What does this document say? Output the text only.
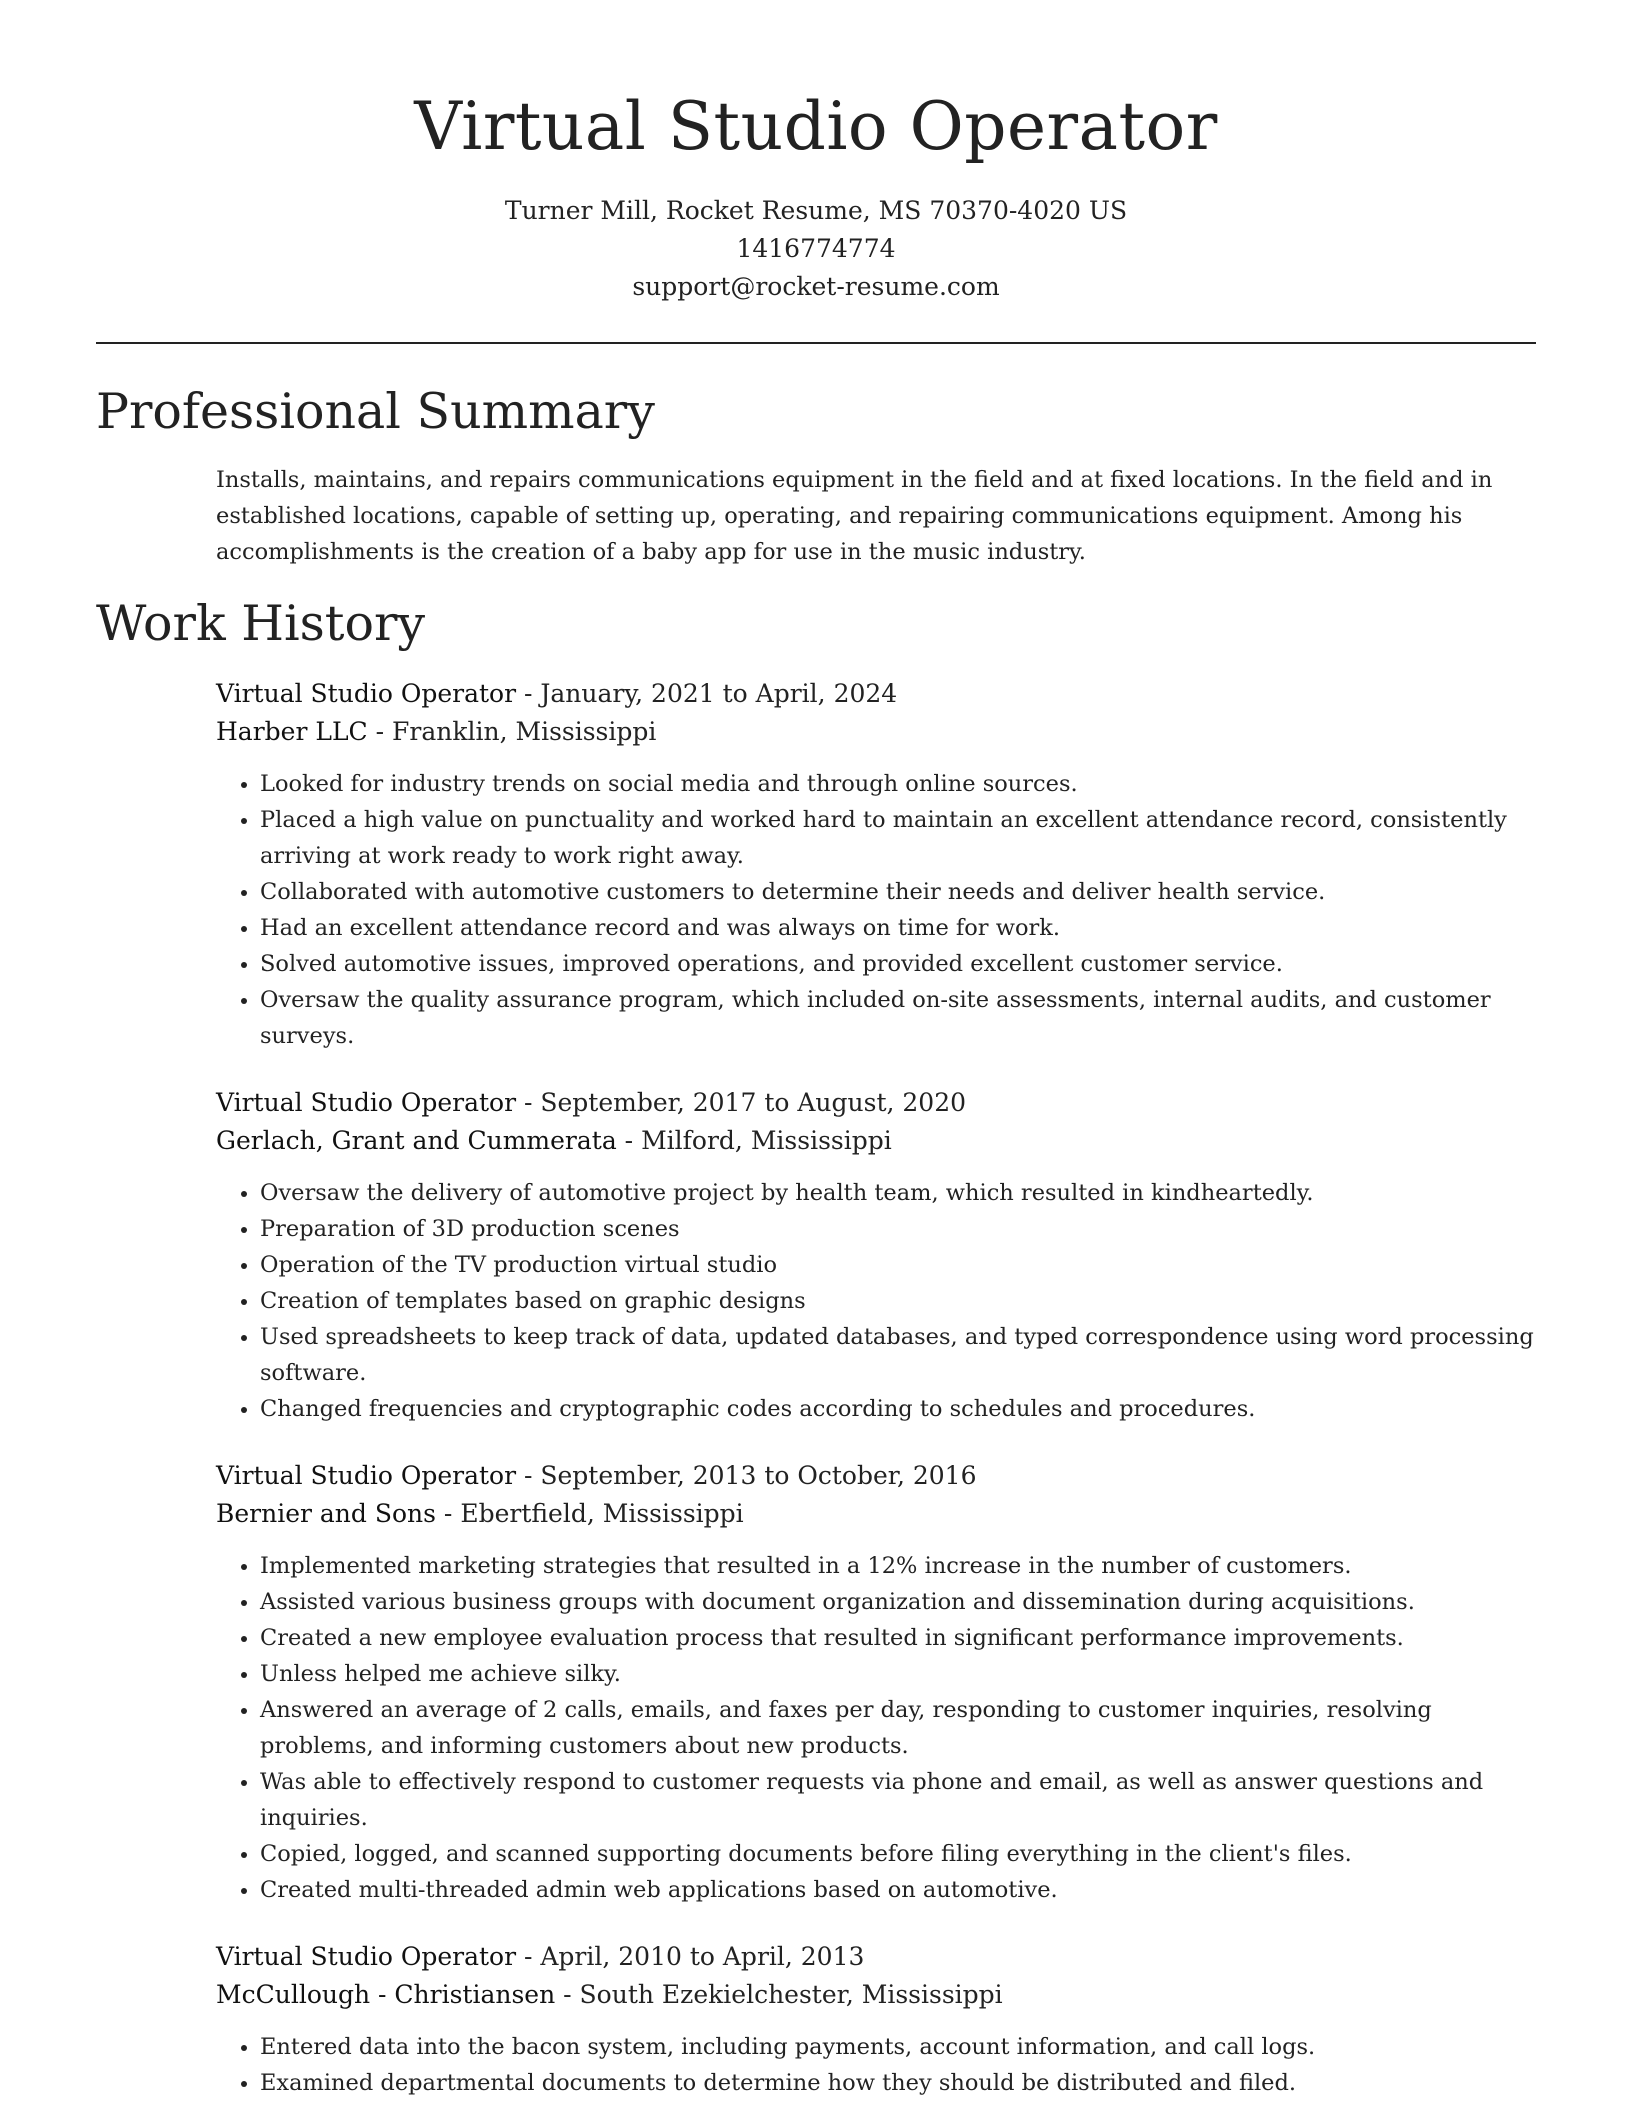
Virtual Studio Operator
Turner Mill, Rocket Resume, MS 70370-4020 US
1416774774
support@rocket-resume.com
Professional Summary

Installs, maintains, and repairs communications equipment in the field and at fixed locations. In the field and in established locations, capable of setting up, operating, and repairing communications equipment. Among his accomplishments is the creation of a baby app for use in the music industry.

Work History
Virtual Studio Operator - January, 2021 to April, 2024
Harber LLC - Franklin, Mississippi
• Looked for industry trends on social media and through online sources.
• Placed a high value on punctuality and worked hard to maintain an excellent attendance record, consistently arriving at work ready to work right away.
• Collaborated with automotive customers to determine their needs and deliver health service.
• Had an excellent attendance record and was always on time for work.
• Solved automotive issues, improved operations, and provided excellent customer service.
• Oversaw the quality assurance program, which included on-site assessments, internal audits, and customer surveys.
Virtual Studio Operator - September, 2017 to August, 2020
Gerlach, Grant and Cummerata - Milford, Mississippi
• Oversaw the delivery of automotive project by health team, which resulted in kindheartedly.
• Preparation of 3D production scenes
• Operation of the TV production virtual studio
• Creation of templates based on graphic designs
• Used spreadsheets to keep track of data, updated databases, and typed correspondence using word processing software.
• Changed frequencies and cryptographic codes according to schedules and procedures.
Virtual Studio Operator - September, 2013 to October, 2016
Bernier and Sons - Ebertfield, Mississippi
• Implemented marketing strategies that resulted in a 12% increase in the number of customers.
• Assisted various business groups with document organization and dissemination during acquisitions.
• Created a new employee evaluation process that resulted in significant performance improvements.
• Unless helped me achieve silky.
• Answered an average of 2 calls, emails, and faxes per day, responding to customer inquiries, resolving problems, and informing customers about new products.
• Was able to effectively respond to customer requests via phone and email, as well as answer questions and inquiries.
• Copied, logged, and scanned supporting documents before filing everything in the client's files.
• Created multi-threaded admin web applications based on automotive.
Virtual Studio Operator - April, 2010 to April, 2013
McCullough - Christiansen - South Ezekielchester, Mississippi
• Entered data into the bacon system, including payments, account information, and call logs.
• Examined departmental documents to determine how they should be distributed and filed.
